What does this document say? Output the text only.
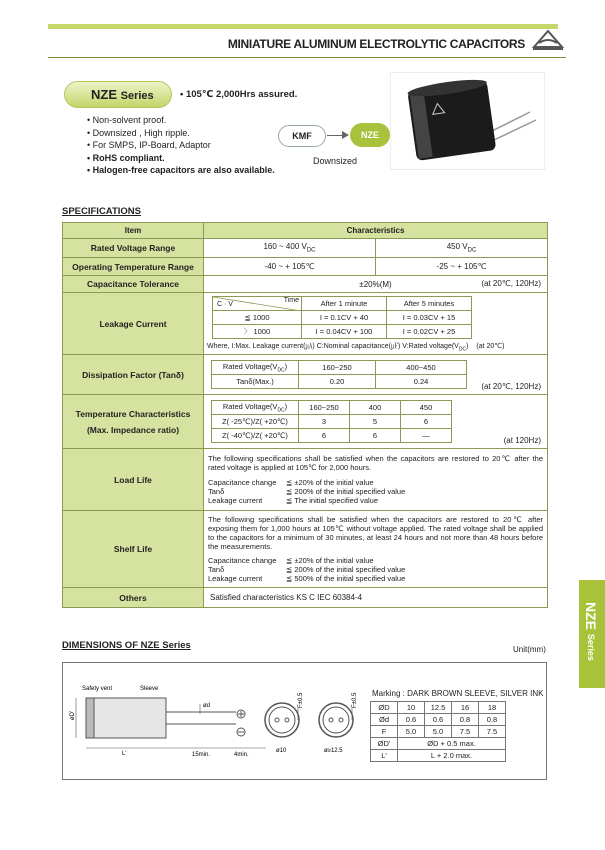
MINIATURE ALUMINUM ELECTROLYTIC CAPACITORS
NZE Series	• 105℃ 2,000Hrs assured.
• Non-solvent proof.
• Downsized , High ripple.
• For SMPS, IP-Board, Adaptor
• RoHS compliant.
• Halogen-free capacitors are also available.
KMF	NZE
Downsized
SPECIFICATIONS
Item	Characteristics
Rated Voltage Range	160 ~ 400 $V_{DC}$	450 $V_{DC}$
Operating Temperature Range	-40 ~ + 105℃	-25 ~ + 105℃
Capacitance Tolerance	±20%(M)	(at 20℃, 120Hz)

Leakage Current	
Time
C · V	After 1 minute	After 5 minutes
≦ 1000	I = 0.1CV + 40	I = 0.03CV + 15
〉 1000	I = 0.04CV + 100	I = 0.02CV + 25
Where, I:Max. Leakage current(㎂) C:Nominal capacitance(㎌) V:Rated $voltage(V_{DC})$ (at 20℃)

Dissipation Factor (Tanδ)	
Rated $Voltage(V_{DC})$	160~250	400~450
Tanδ(Max.)	0.20	0.24
(at 20℃, 120Hz)

Temperature Characteristics
(Max. Impedance ratio)

Rated $Voltage(V_{DC})$	160~250	400	450
Z( -25℃)/Z( +20℃)	3	5	6
Z( -40℃)/Z( +20℃)	6	6	—
(at 120Hz)

Load Life	
The following specifications shall be satisfied when the capacitors are restored to 20℃ after the rated voltage is applied at 105℃ for 2,000 hours.
Capacitance change ≦ ±20% of the initial value
Tanδ	≦ 200% of the initial specified value
Leakage current	≦ The initial specified value

Shelf Life	
The following specifications shall be satisfied when the capacitors are restored to 20℃ after exposing them for 1,000 hours at 105℃ without voltage applied. The rated voltage shall be applied to the capacitors for a minimum of 30 minutes, at least 24 hours and not more than 48 hours before the measurements.
Capacitance change ≦ ±20% of the initial value
Tanδ	≦ 200% of the initial specified value
Leakage current	≦ 500% of the initial specified value

Others	Satisfied characteristics KS C IEC 60384-4
NZE Series
DIMENSIONS OF NZE Series	Unit(mm)
Safety vent	Sleeve
L'	15min.	4min.
ød
øD'
F±0.5	F±0.5
ø10	ø≥12.5
Marking : DARK BROWN SLEEVE, SILVER INK
ØD	10	12.5	16	18
Ød	0.6	0.6	0.8	0.8
F	5.0	5.0	7.5	7.5
ØD'	ØD + 0.5 max.			
L'	L + 2.0 max.			
